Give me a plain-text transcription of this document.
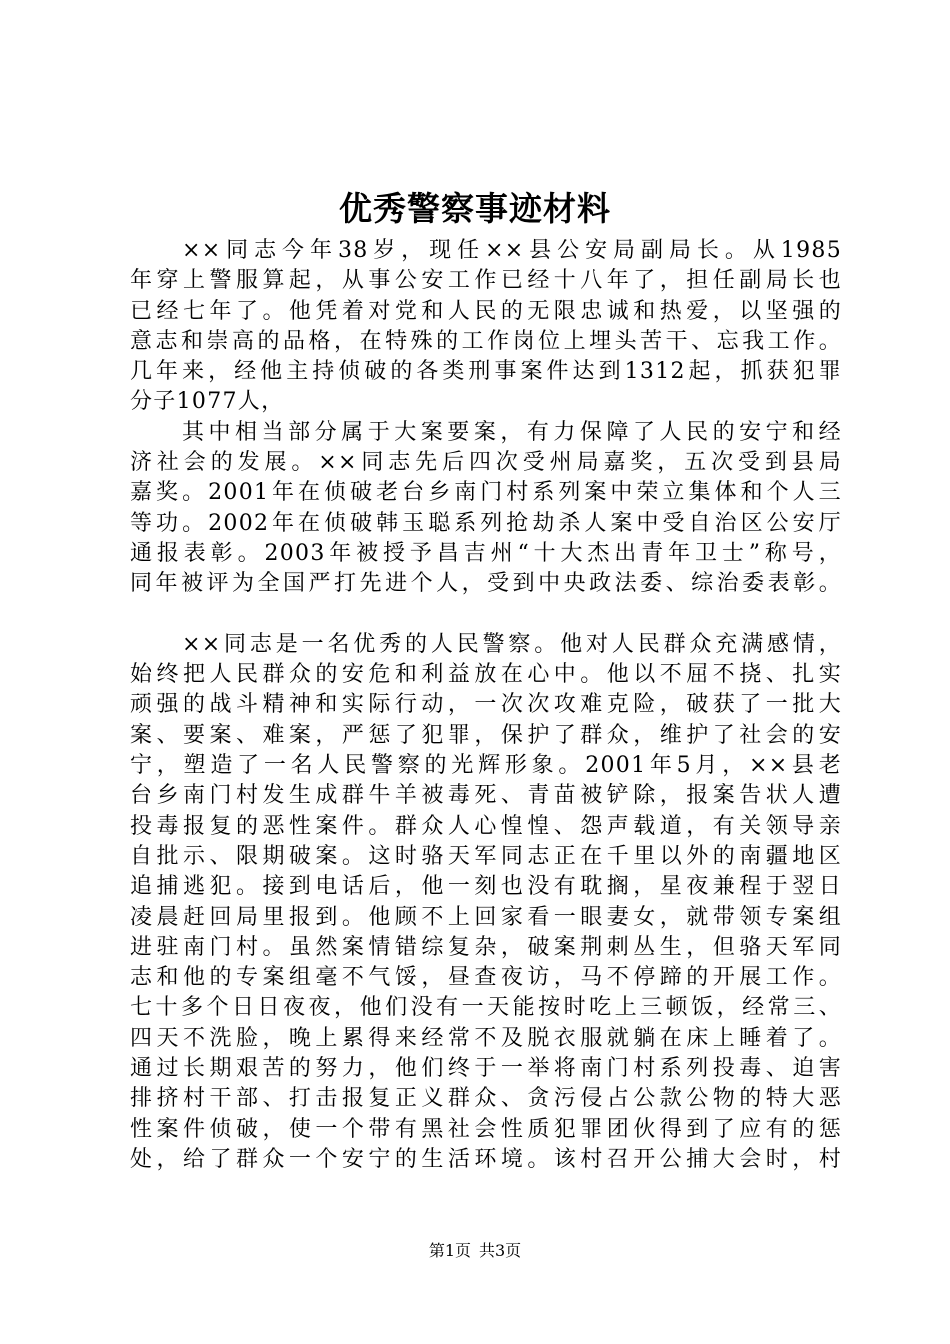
优秀警察事迹材料
××同志今年38岁，现任××县公安局副局长。从1985
年穿上警服算起，从事公安工作已经十八年了，担任副局长也
已经七年了。他凭着对党和人民的无限忠诚和热爱，以坚强的
意志和崇高的品格，在特殊的工作岗位上埋头苦干、忘我工作。
几年来，经他主持侦破的各类刑事案件达到1312起，抓获犯罪
分子1077人，
其中相当部分属于大案要案，有力保障了人民的安宁和经
济社会的发展。××同志先后四次受州局嘉奖，五次受到县局
嘉奖。2001年在侦破老台乡南门村系列案中荣立集体和个人三
等功。2002年在侦破韩玉聪系列抢劫杀人案中受自治区公安厅
通报表彰。2003年被授予昌吉州“十大杰出青年卫士”称号，
同年被评为全国严打先进个人，受到中央政法委、综治委表彰。
××同志是一名优秀的人民警察。他对人民群众充满感情，
始终把人民群众的安危和利益放在心中。他以不屈不挠、扎实
顽强的战斗精神和实际行动，一次次攻难克险，破获了一批大
案、要案、难案，严惩了犯罪，保护了群众，维护了社会的安
宁，塑造了一名人民警察的光辉形象。2001年5月，××县老
台乡南门村发生成群牛羊被毒死、青苗被铲除，报案告状人遭
投毒报复的恶性案件。群众人心惶惶、怨声载道，有关领导亲
自批示、限期破案。这时骆天军同志正在千里以外的南疆地区
追捕逃犯。接到电话后，他一刻也没有耽搁，星夜兼程于翌日
凌晨赶回局里报到。他顾不上回家看一眼妻女，就带领专案组
进驻南门村。虽然案情错综复杂，破案荆刺丛生，但骆天军同
志和他的专案组毫不气馁，昼查夜访，马不停蹄的开展工作。
七十多个日日夜夜，他们没有一天能按时吃上三顿饭，经常三、
四天不洗脸，晚上累得来经常不及脱衣服就躺在床上睡着了。
通过长期艰苦的努力，他们终于一举将南门村系列投毒、迫害
排挤村干部、打击报复正义群众、贪污侵占公款公物的特大恶
性案件侦破，使一个带有黑社会性质犯罪团伙得到了应有的惩
处，给了群众一个安宁的生活环境。该村召开公捕大会时，村
第1页 共3页
